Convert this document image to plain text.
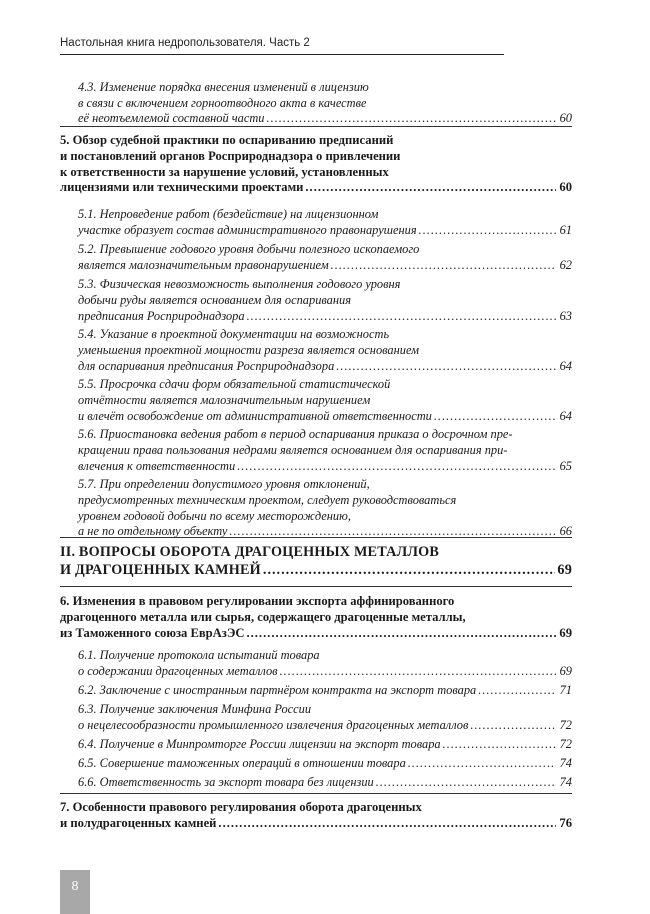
Настольная книга недропользователя. Часть 2
4.3. Изменение порядка внесения изменений в лицензию
в связи с включением горноотводного акта в качестве
её неотъемлемой составной части .....	60
5. Обзор судебной практики по оспариванию предписаний
и постановлений органов Росприроднадзора о привлечении
к ответственности за нарушение условий, установленных
лицензиями или техническими проектами .....	60
5.1. Непроведение работ (бездействие) на лицензионном
участке образует состав административного правонарушения .....	61
5.2. Превышение годового уровня добычи полезного ископаемого
является малозначительным правонарушением .....	62
5.3. Физическая невозможность выполнения годового уровня
добычи руды является основанием для оспаривания
предписания Росприроднадзора .....	63
5.4. Указание в проектной документации на возможность
уменьшения проектной мощности разреза является основанием
для оспаривания предписания Росприроднадзора .....	64
5.5. Просрочка сдачи форм обязательной статистической
отчётности является малозначительным нарушением
и влечёт освобождение от административной ответственности .....	64
5.6. Приостановка ведения работ в период оспаривания приказа о досрочном пре-
кращении права пользования недрами является основанием для оспаривания при-
влечения к ответственности .....	65
5.7. При определении допустимого уровня отклонений,
предусмотренных техническим проектом, следует руководствоваться
уровнем годовой добычи по всему месторождению,
а не по отдельному объекту .....	66
II. ВОПРОСЫ ОБОРОТА ДРАГОЦЕННЫХ МЕТАЛЛОВ
И ДРАГОЦЕННЫХ КАМНЕЙ .....	69
6. Изменения в правовом регулировании экспорта аффинированного
драгоценного металла или сырья, содержащего драгоценные металлы,
из Таможенного союза ЕврАзЭС .....	69
6.1. Получение протокола испытаний товара
о содержании драгоценных металлов .....	69
6.2. Заключение с иностранным партнёром контракта на экспорт товара .....	71
6.3. Получение заключения Минфина России
о нецелесообразности промышленного извлечения драгоценных металлов .....	72
6.4. Получение в Минпромторге России лицензии на экспорт товара .....	72
6.5. Совершение таможенных операций в отношении товара .....	74
6.6. Ответственность за экспорт товара без лицензии .....	74
7. Особенности правового регулирования оборота драгоценных
и полудрагоценных камней .....	76
8
